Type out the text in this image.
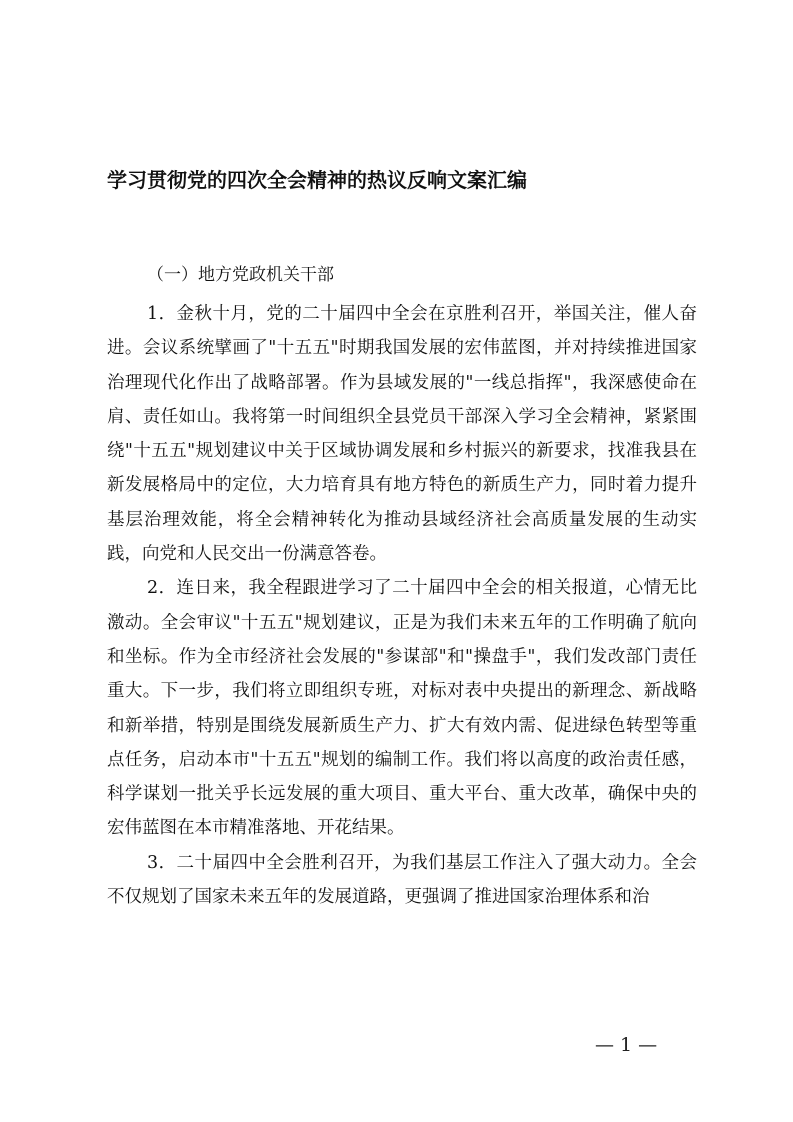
学习贯彻党的四次全会精神的热议反响文案汇编
（一）地方党政机关干部

1．金秋十月，党的二十届四中全会在京胜利召开，举国关注，催人奋进。会议系统擘画了"十五五"时期我国发展的宏伟蓝图，并对持续推进国家治理现代化作出了战略部署。作为县域发展的"一线总指挥"，我深感使命在肩、责任如山。我将第一时间组织全县党员干部深入学习全会精神，紧紧围绕"十五五"规划建议中关于区域协调发展和乡村振兴的新要求，找准我县在新发展格局中的定位，大力培育具有地方特色的新质生产力，同时着力提升基层治理效能，将全会精神转化为推动县域经济社会高质量发展的生动实践，向党和人民交出一份满意答卷。

2．连日来，我全程跟进学习了二十届四中全会的相关报道，心情无比激动。全会审议"十五五"规划建议，正是为我们未来五年的工作明确了航向和坐标。作为全市经济社会发展的"参谋部"和"操盘手"，我们发改部门责任重大。下一步，我们将立即组织专班，对标对表中央提出的新理念、新战略和新举措，特别是围绕发展新质生产力、扩大有效内需、促进绿色转型等重点任务，启动本市"十五五"规划的编制工作。我们将以高度的政治责任感，科学谋划一批关乎长远发展的重大项目、重大平台、重大改革，确保中央的宏伟蓝图在本市精准落地、开花结果。

3．二十届四中全会胜利召开，为我们基层工作注入了强大动力。全会不仅规划了国家未来五年的发展道路，更强调了推进国家治理体系和治

— 1 —
